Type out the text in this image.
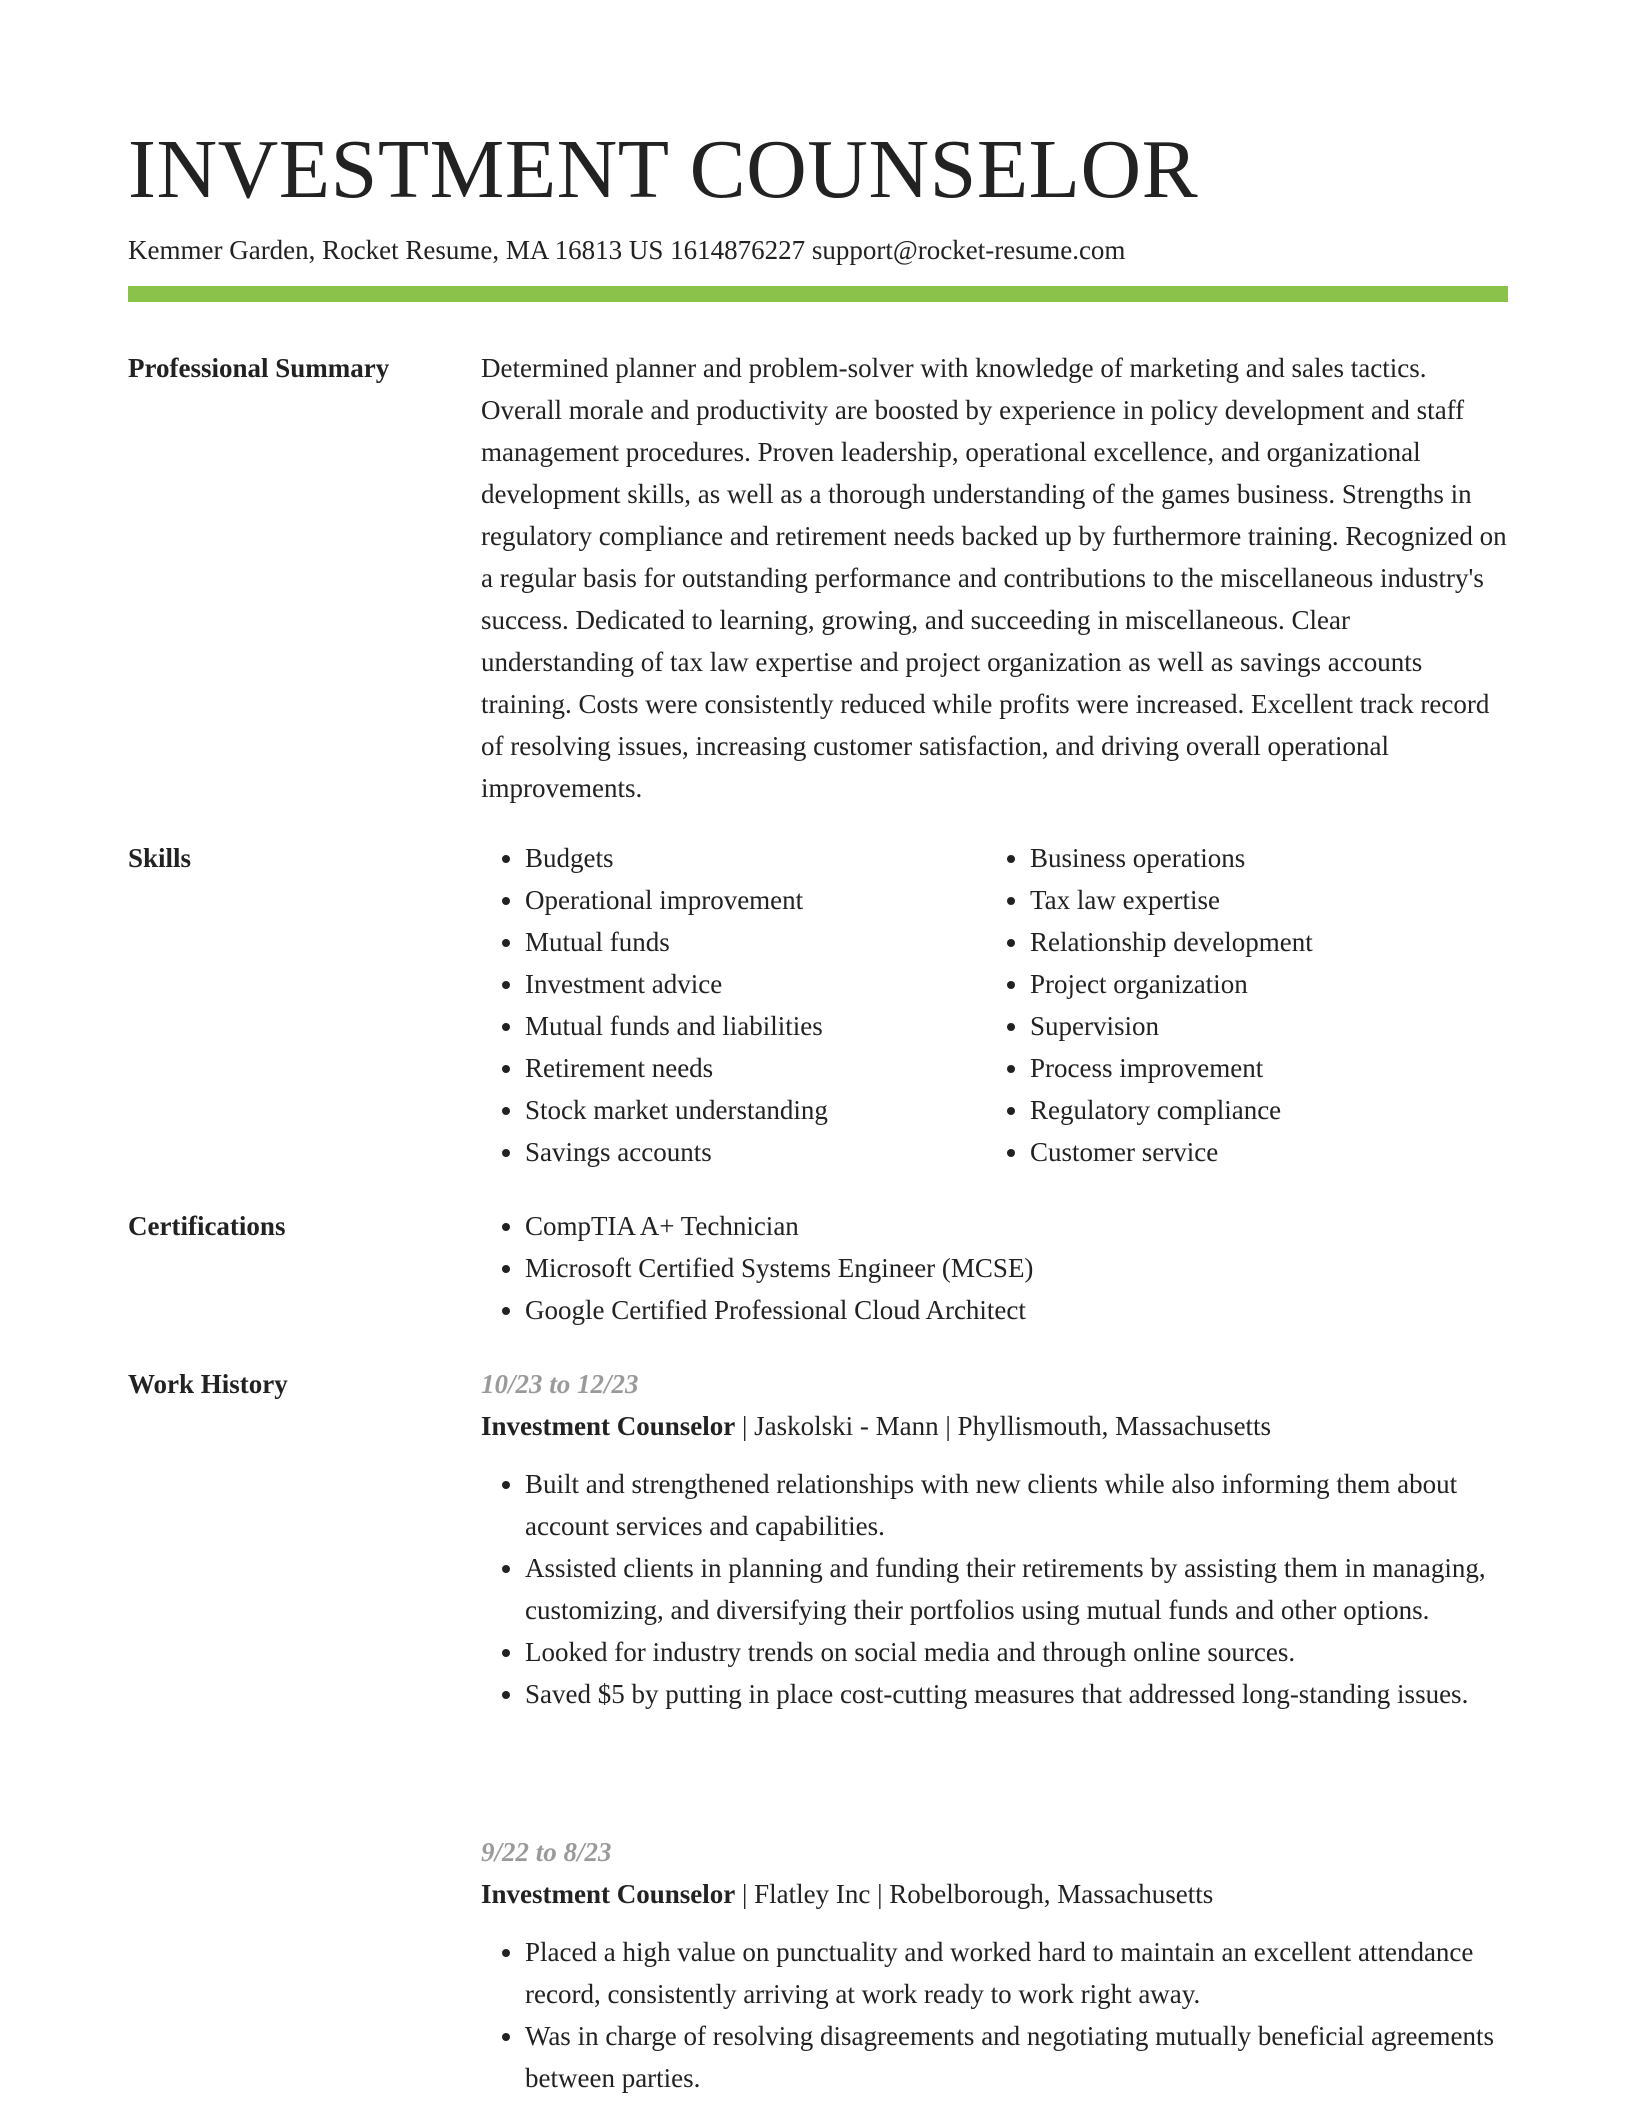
INVESTMENT COUNSELOR
Kemmer Garden, Rocket Resume, MA 16813 US 1614876227 support@rocket-resume.com
Professional Summary	Determined planner and problem-solver with knowledge of marketing and sales tactics. Overall morale and productivity are boosted by experience in policy development and staff management procedures. Proven leadership, operational excellence, and organizational development skills, as well as a thorough understanding of the games business. Strengths in regulatory compliance and retirement needs backed up by furthermore training. Recognized on a regular basis for outstanding performance and contributions to the miscellaneous industry's success. Dedicated to learning, growing, and succeeding in miscellaneous. Clear understanding of tax law expertise and project organization as well as savings accounts training. Costs were consistently reduced while profits were increased. Excellent track record of resolving issues, increasing customer satisfaction, and driving overall operational improvements.

Skills	• Budgets
• Operational improvement
• Mutual funds
• Investment advice
• Mutual funds and liabilities
• Retirement needs
• Stock market understanding
• Savings accounts
• Business operations
• Tax law expertise
• Relationship development
• Project organization
• Supervision
• Process improvement
• Regulatory compliance
• Customer service
Certifications	• CompTIA A+ Technician
• Microsoft Certified Systems Engineer (MCSE)
• Google Certified Professional Cloud Architect
Work History	10/23 to 12/23
Investment Counselor | Jaskolski - Mann | Phyllismouth, Massachusetts
• Built and strengthened relationships with new clients while also informing them about account services and capabilities.
• Assisted clients in planning and funding their retirements by assisting them in managing, customizing, and diversifying their portfolios using mutual funds and other options.
• Looked for industry trends on social media and through online sources.
• Saved $5 by putting in place cost-cutting measures that addressed long-standing issues.
9/22 to 8/23
Investment Counselor | Flatley Inc | Robelborough, Massachusetts
• Placed a high value on punctuality and worked hard to maintain an excellent attendance record, consistently arriving at work ready to work right away.
• Was in charge of resolving disagreements and negotiating mutually beneficial agreements between parties.
